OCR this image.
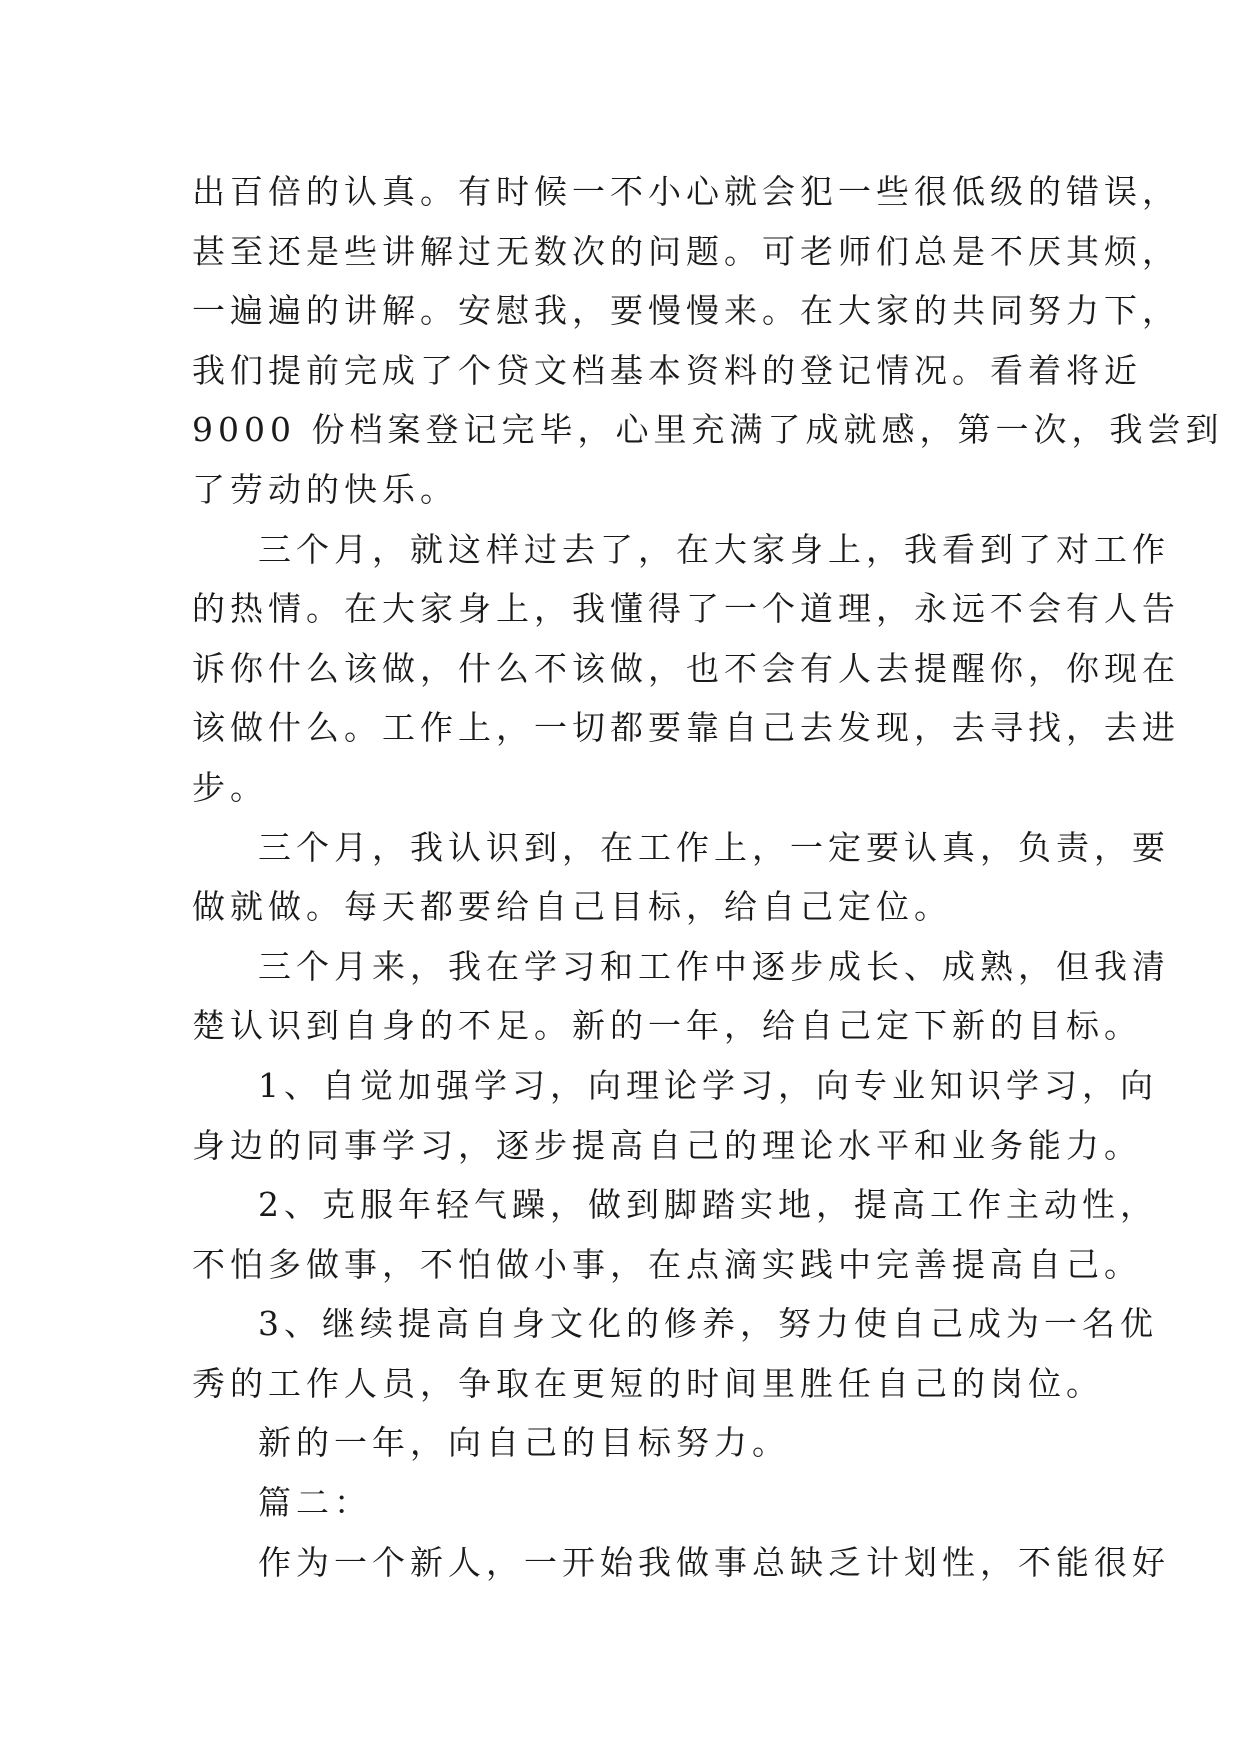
出百倍的认真。有时候一不小心就会犯一些很低级的错误，
甚至还是些讲解过无数次的问题。可老师们总是不厌其烦，
一遍遍的讲解。安慰我，要慢慢来。在大家的共同努力下，
我们提前完成了个贷文档基本资料的登记情况。看着将近
9000 份档案登记完毕，心里充满了成就感，第一次，我尝到
了劳动的快乐。
三个月，就这样过去了，在大家身上，我看到了对工作
的热情。在大家身上，我懂得了一个道理，永远不会有人告
诉你什么该做，什么不该做，也不会有人去提醒你，你现在
该做什么。工作上，一切都要靠自己去发现，去寻找，去进
步。
三个月，我认识到，在工作上，一定要认真，负责，要
做就做。每天都要给自己目标，给自己定位。
三个月来，我在学习和工作中逐步成长、成熟，但我清
楚认识到自身的不足。新的一年，给自己定下新的目标。
1、自觉加强学习，向理论学习，向专业知识学习，向
身边的同事学习，逐步提高自己的理论水平和业务能力。
2、克服年轻气躁，做到脚踏实地，提高工作主动性，
不怕多做事，不怕做小事，在点滴实践中完善提高自己。
3、继续提高自身文化的修养，努力使自己成为一名优
秀的工作人员，争取在更短的时间里胜任自己的岗位。
新的一年，向自己的目标努力。
篇二：
作为一个新人，一开始我做事总缺乏计划性，不能很好
